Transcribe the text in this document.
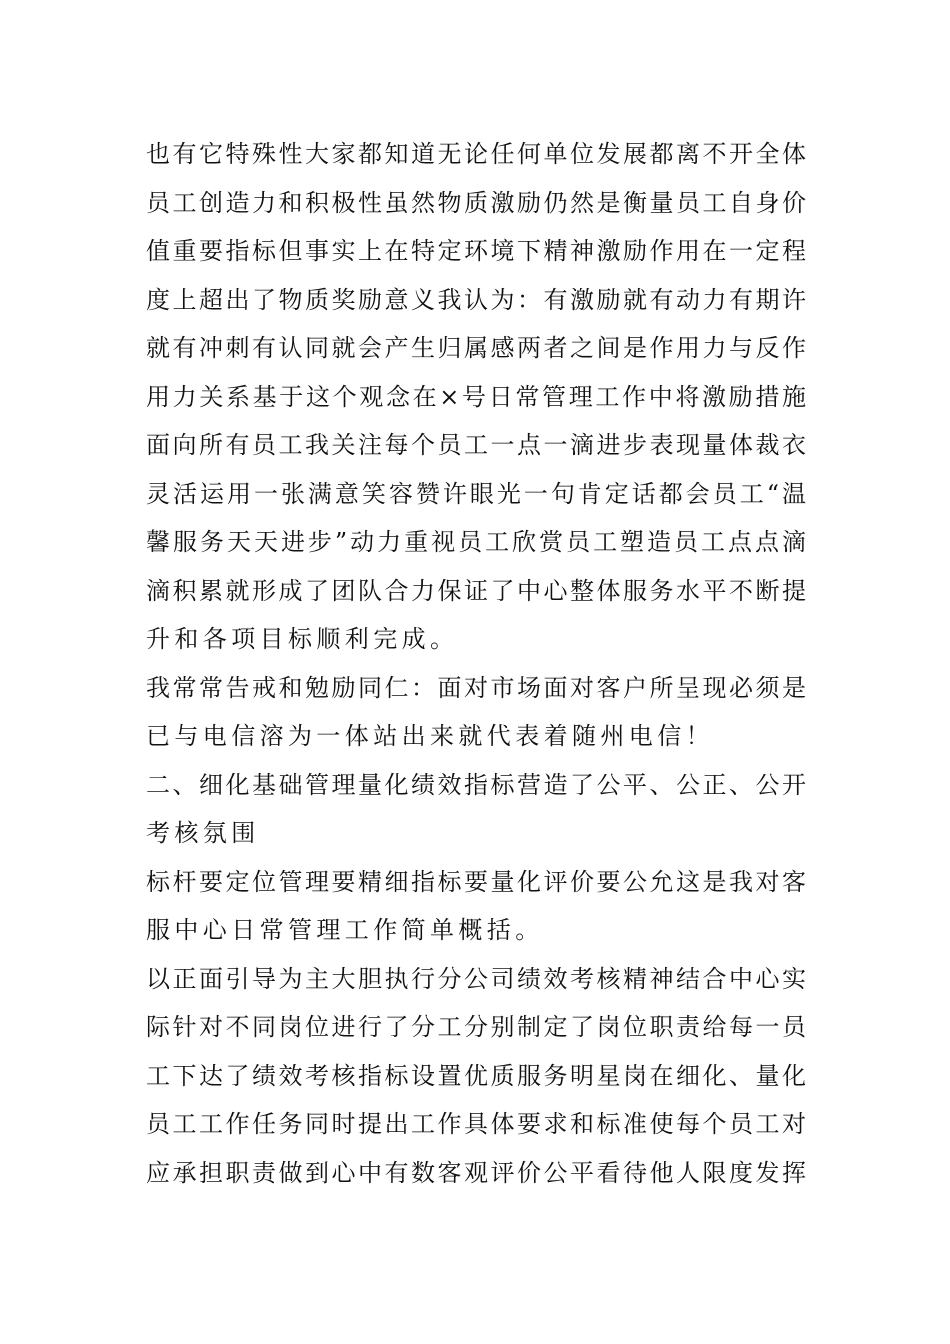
也有它特殊性大家都知道无论任何单位发展都离不开全体
员工创造力和积极性虽然物质激励仍然是衡量员工自身价
值重要指标但事实上在特定环境下精神激励作用在一定程
度上超出了物质奖励意义我认为：有激励就有动力有期许
就有冲刺有认同就会产生归属感两者之间是作用力与反作
用力关系基于这个观念在×号日常管理工作中将激励措施
面向所有员工我关注每个员工一点一滴进步表现量体裁衣
灵活运用一张满意笑容赞许眼光一句肯定话都会员工“温
馨服务天天进步”动力重视员工欣赏员工塑造员工点点滴
滴积累就形成了团队合力保证了中心整体服务水平不断提
升和各项目标顺利完成。
我常常告戒和勉励同仁：面对市场面对客户所呈现必须是
已与电信溶为一体站出来就代表着随州电信！
二、细化基础管理量化绩效指标营造了公平、公正、公开
考核氛围
标杆要定位管理要精细指标要量化评价要公允这是我对客
服中心日常管理工作简单概括。
以正面引导为主大胆执行分公司绩效考核精神结合中心实
际针对不同岗位进行了分工分别制定了岗位职责给每一员
工下达了绩效考核指标设置优质服务明星岗在细化、量化
员工工作任务同时提出工作具体要求和标准使每个员工对
应承担职责做到心中有数客观评价公平看待他人限度发挥
